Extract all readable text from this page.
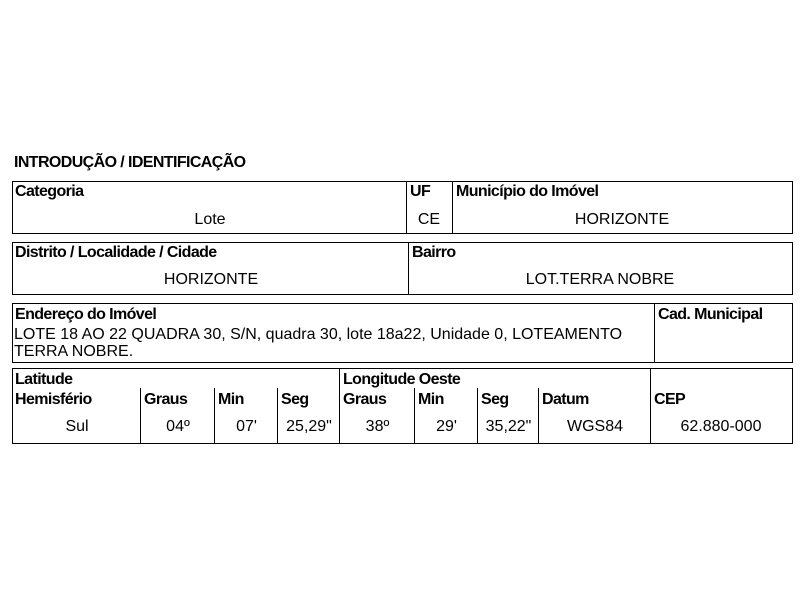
INTRODUÇÃO / IDENTIFICAÇÃO
Categoria
Lote
UF
CE
Município do Imóvel
HORIZONTE
Distrito / Localidade / Cidade
HORIZONTE
Bairro
LOT.TERRA NOBRE
Endereço do Imóvel
LOTE 18 AO 22 QUADRA 30, S/N, quadra 30, lote 18a22, Unidade 0, LOTEAMENTO TERRA NOBRE.
Cad. Municipal
Latitude	Longitude Oeste
Hemisfério	Graus Min Seg Graus Min Seg Datum	CEP
Sul	04º	07'	25,29"	38º	29'	35,22"	WGS84	62.880-000
